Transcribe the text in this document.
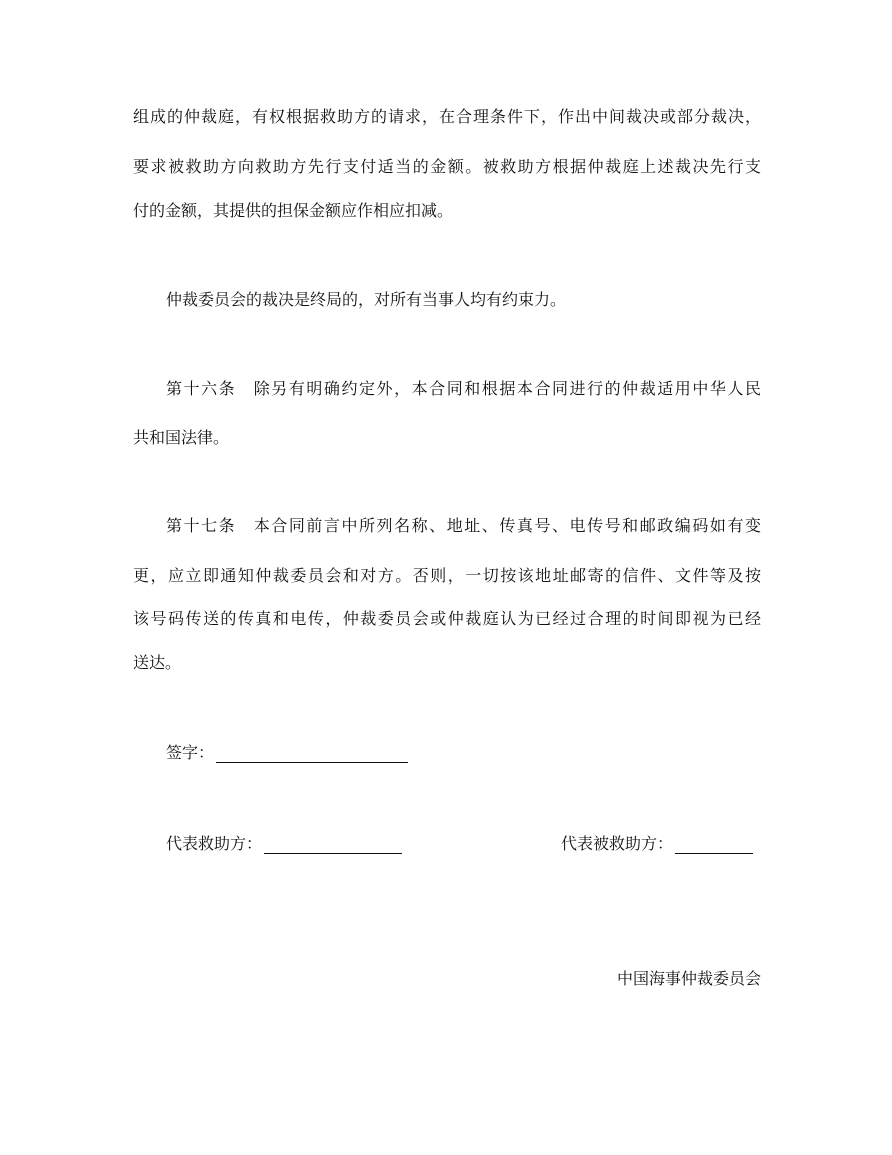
组成的仲裁庭，有权根据救助方的请求，在合理条件下，作出中间裁决或部分裁决，
要求被救助方向救助方先行支付适当的金额。被救助方根据仲裁庭上述裁决先行支
付的金额，其提供的担保金额应作相应扣减。
仲裁委员会的裁决是终局的，对所有当事人均有约束力。
第十六条　除另有明确约定外，本合同和根据本合同进行的仲裁适用中华人民
共和国法律。
第十七条　本合同前言中所列名称、地址、传真号、电传号和邮政编码如有变
更，应立即通知仲裁委员会和对方。否则，一切按该地址邮寄的信件、文件等及按
该号码传送的传真和电传，仲裁委员会或仲裁庭认为已经过合理的时间即视为已经
送达。
签字：
代表救助方：	代表被救助方：
中国海事仲裁委员会
